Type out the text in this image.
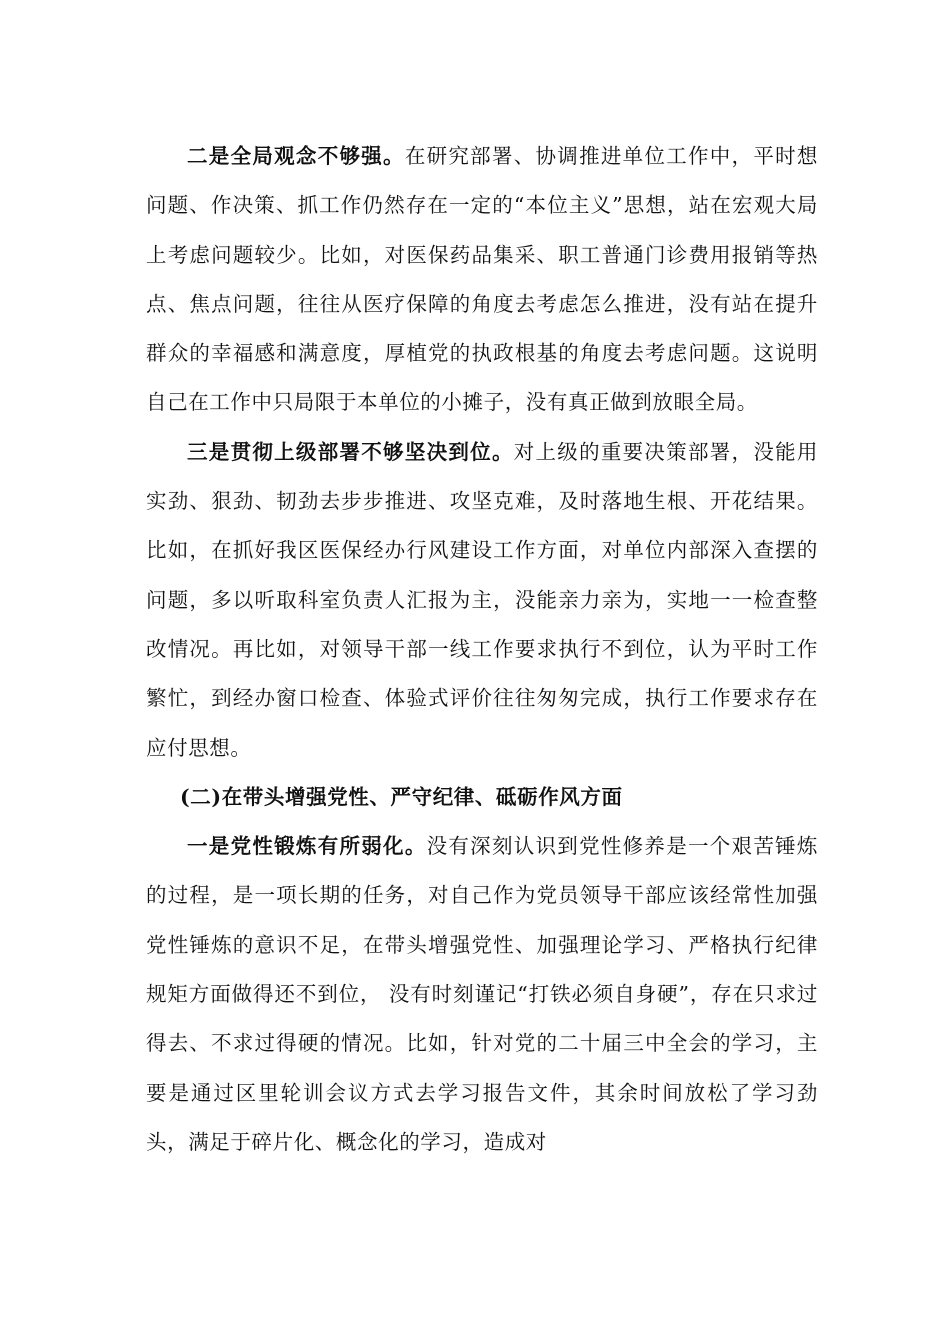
二是全局观念不够强。在研究部署、协调推进单位工作中，平时想问题、作决策、抓工作仍然存在一定的“本位主义”思想，站在宏观大局上考虑问题较少。比如，对医保药品集采、职工普通门诊费用报销等热点、焦点问题，往往从医疗保障的角度去考虑怎么推进，没有站在提升群众的幸福感和满意度，厚植党的执政根基的角度去考虑问题。这说明自己在工作中只局限于本单位的小摊子，没有真正做到放眼全局。

三是贯彻上级部署不够坚决到位。对上级的重要决策部署，没能用实劲、狠劲、韧劲去步步推进、攻坚克难，及时落地生根、开花结果。比如，在抓好我区医保经办行风建设工作方面，对单位内部深入查摆的问题，多以听取科室负责人汇报为主，没能亲力亲为，实地一一检查整改情况。再比如，对领导干部一线工作要求执行不到位，认为平时工作繁忙，到经办窗口检查、体验式评价往往匆匆完成，执行工作要求存在应付思想。

(二)在带头增强党性、严守纪律、砥砺作风方面

一是党性锻炼有所弱化。没有深刻认识到党性修养是一个艰苦锤炼的过程，是一项长期的任务，对自己作为党员领导干部应该经常性加强党性锤炼的意识不足，在带头增强党性、加强理论学习、严格执行纪律规矩方面做得还不到位， 没有时刻谨记“打铁必须自身硬”，存在只求过得去、不求过得硬的情况。比如，针对党的二十届三中全会的学习，主要是通过区里轮训会议方式去学习报告文件，其余时间放松了学习劲头，满足于碎片化、概念化的学习，造成对
